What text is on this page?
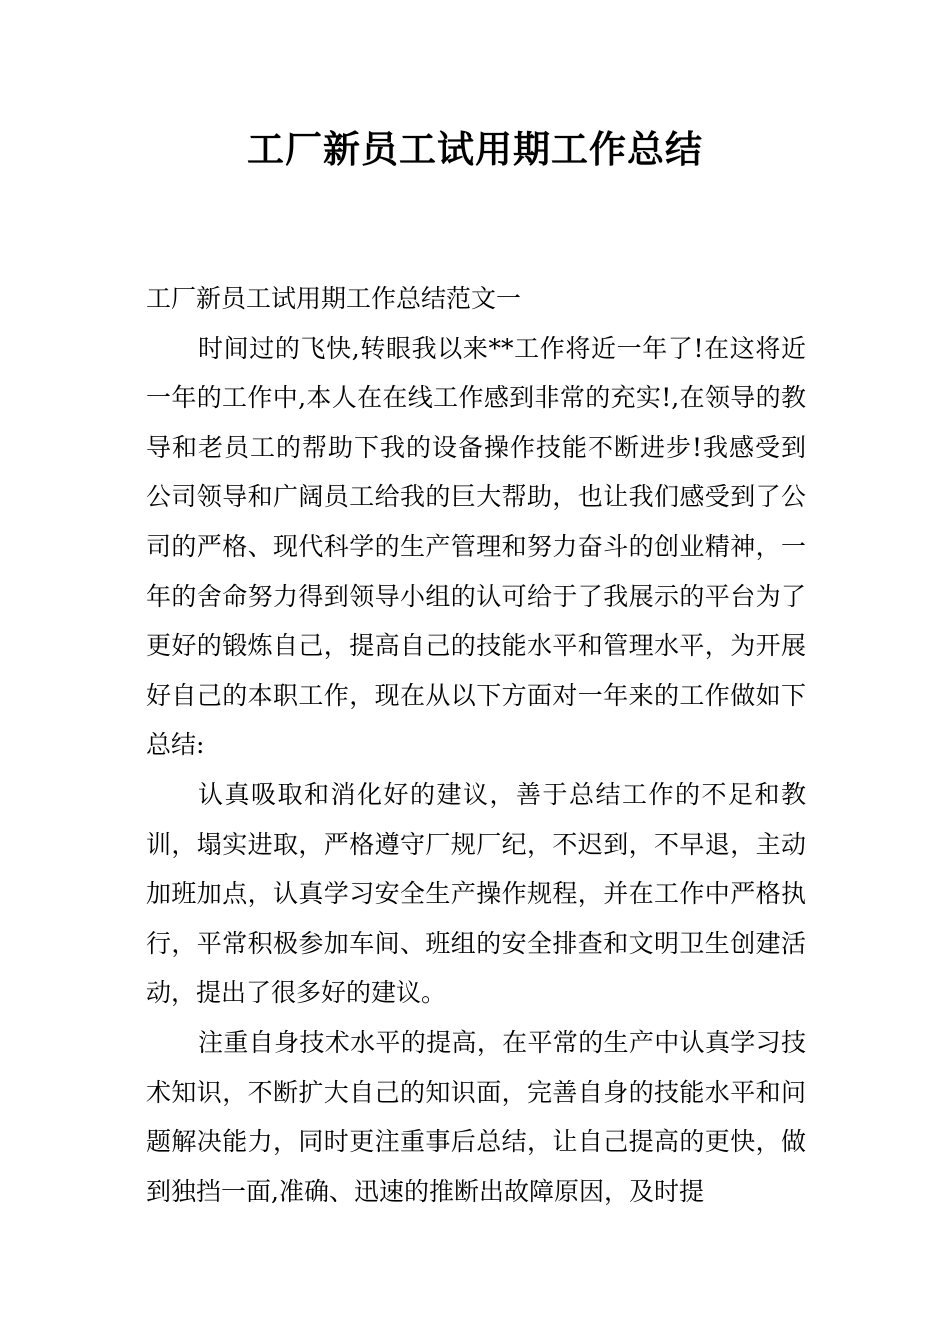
工厂新员工试用期工作总结

工厂新员工试用期工作总结范文一

时间过的飞快,转眼我以来**工作将近一年了!在这将近一年的工作中,本人在在线工作感到非常的充实!,在领导的教导和老员工的帮助下我的设备操作技能不断进步!我感受到公司领导和广阔员工给我的巨大帮助，也让我们感受到了公司的严格、现代科学的生产管理和努力奋斗的创业精神，一年的舍命努力得到领导小组的认可给于了我展示的平台为了更好的锻炼自己，提高自己的技能水平和管理水平，为开展好自己的本职工作，现在从以下方面对一年来的工作做如下总结:

认真吸取和消化好的建议，善于总结工作的不足和教训，塌实进取，严格遵守厂规厂纪，不迟到，不早退，主动加班加点，认真学习安全生产操作规程，并在工作中严格执行，平常积极参加车间、班组的安全排查和文明卫生创建活动，提出了很多好的建议。

注重自身技术水平的提高，在平常的生产中认真学习技术知识，不断扩大自己的知识面，完善自身的技能水平和问题解决能力，同时更注重事后总结，让自己提高的更快，做到独挡一面,准确、迅速的推断出故障原因，及时提
